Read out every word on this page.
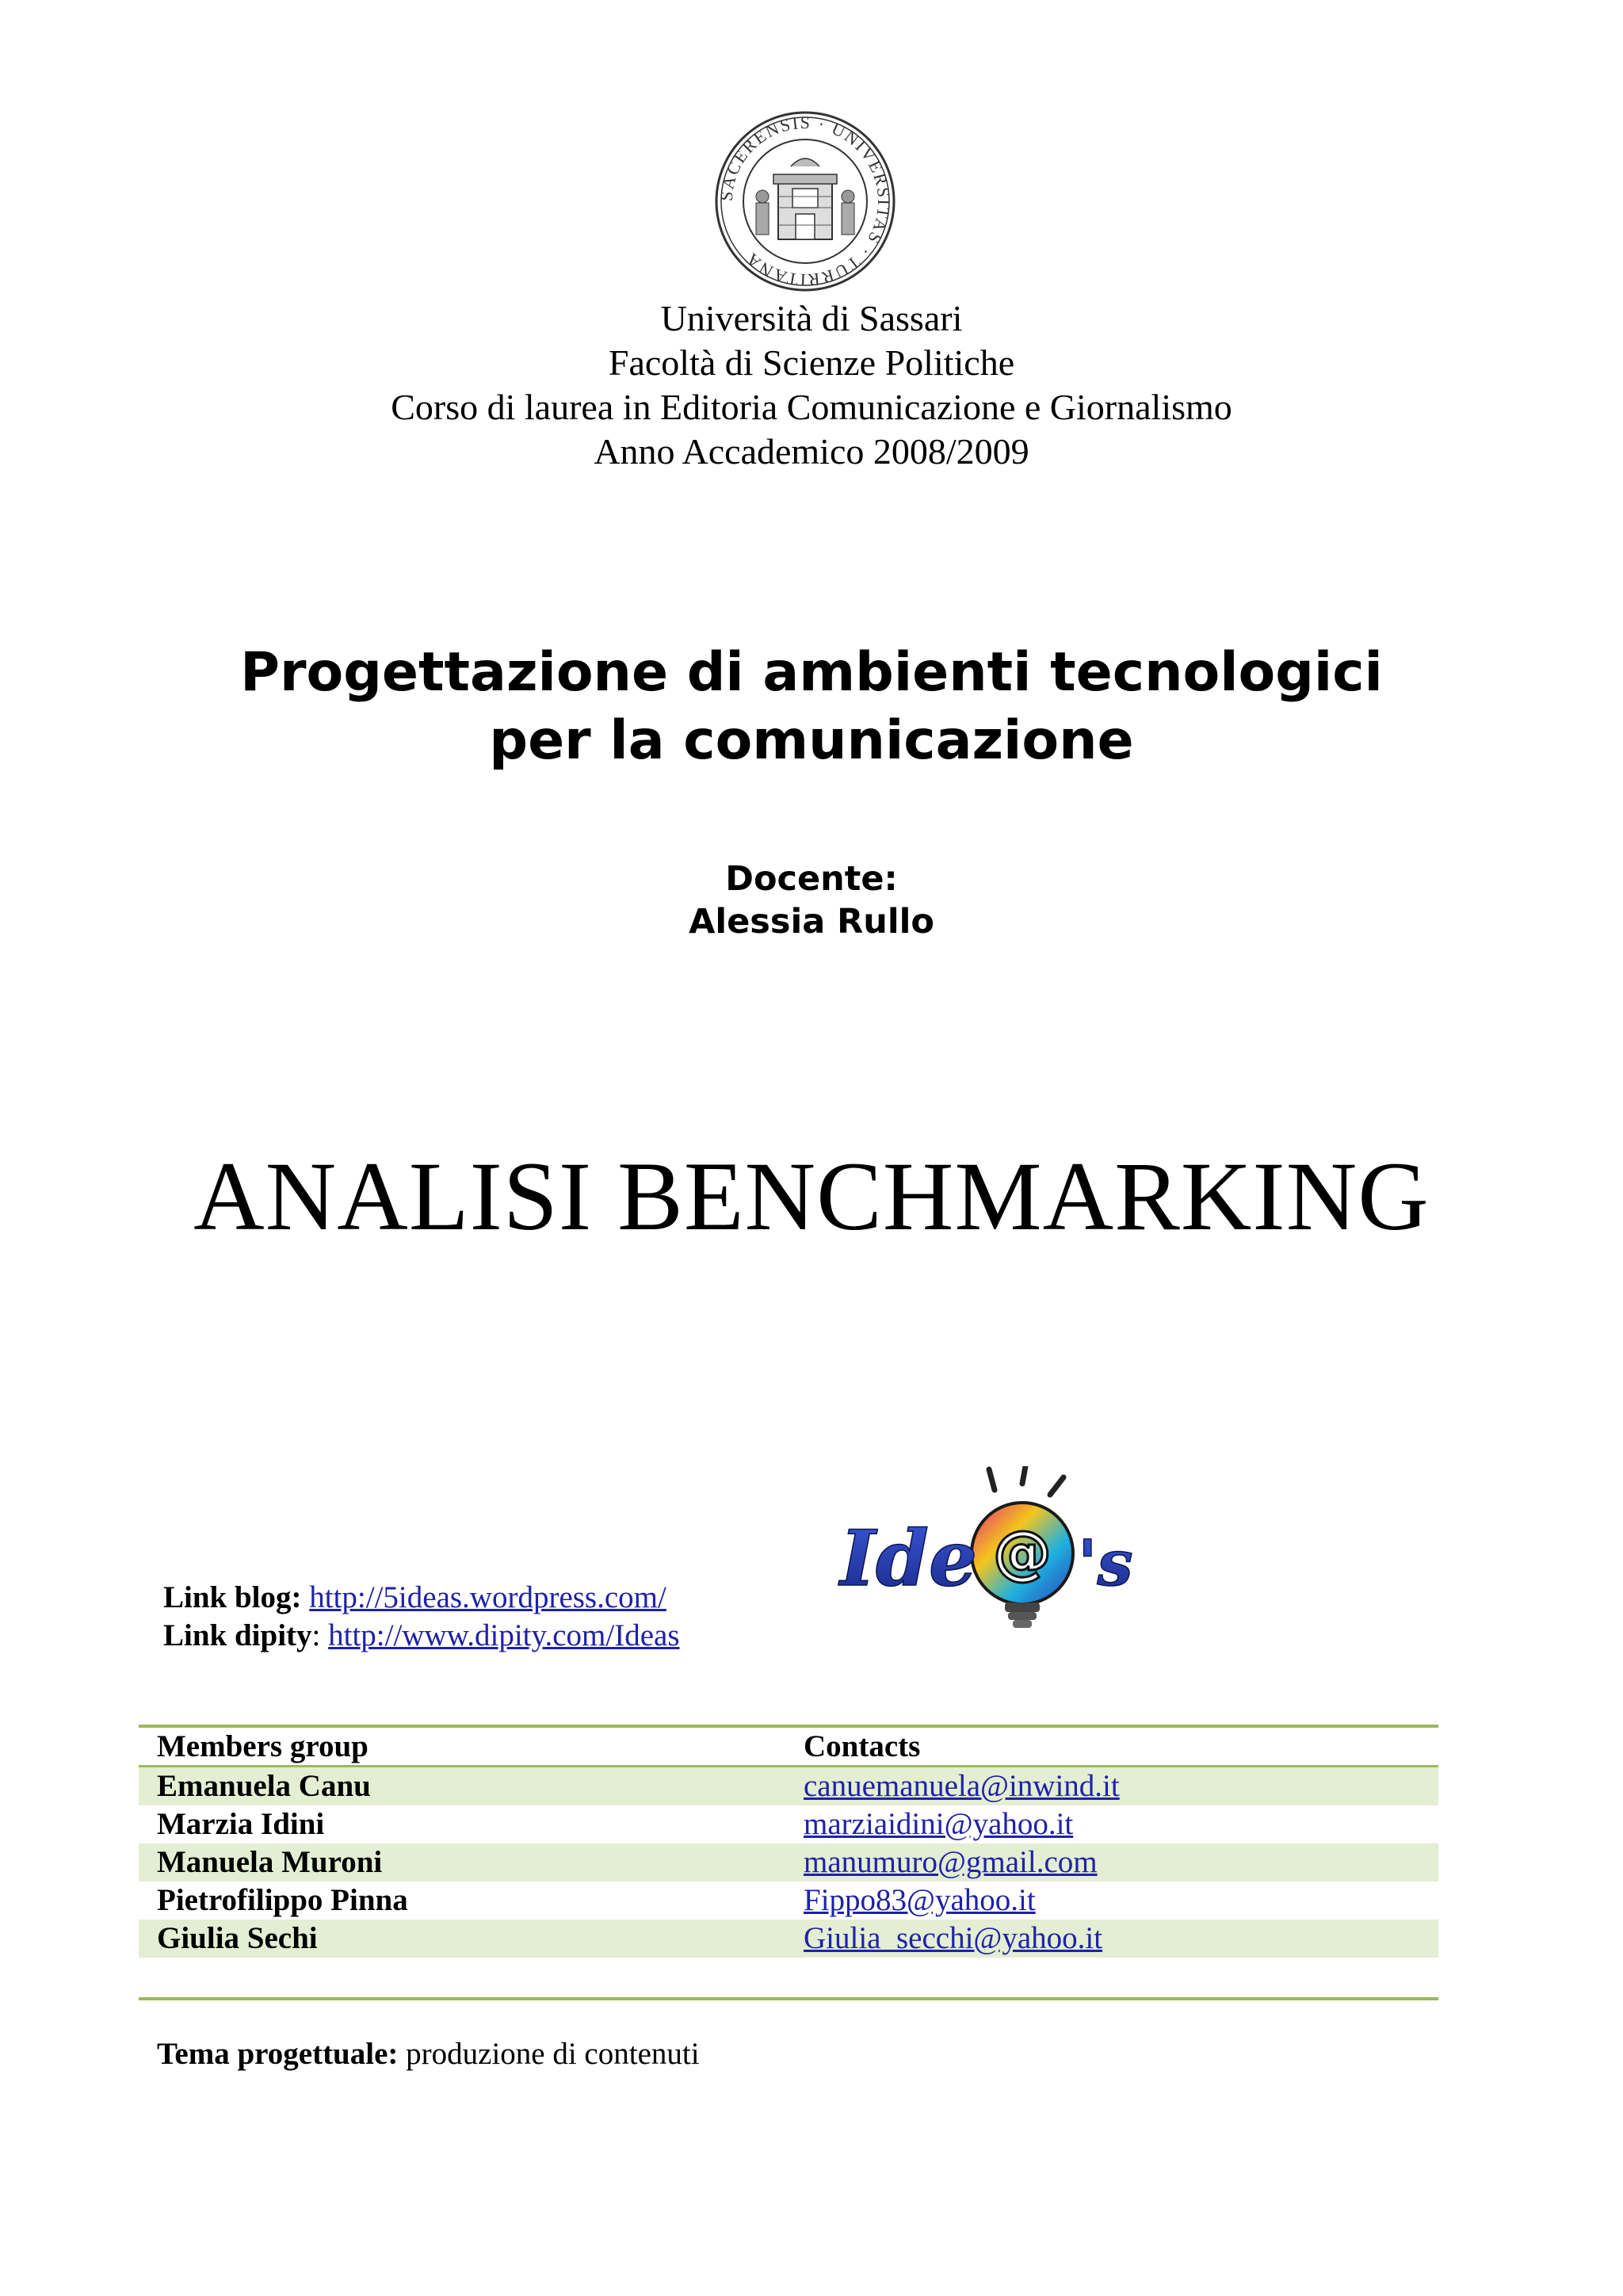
SACERENSIS · UNIVERSITAS · TURRITANA
Università di Sassari
Facoltà di Scienze Politiche
Corso di laurea in Editoria Comunicazione e Giornalismo
Anno Accademico 2008/2009
Progettazione di ambienti tecnologici
per la comunicazione
Docente:
Alessia Rullo
ANALISI BENCHMARKING
@
Ide 's
Link blog: http://5ideas.wordpress.com/
Link dipity: http://www.dipity.com/Ideas
Members group	Contacts
Emanuela Canu	canuemanuela@inwind.it
Marzia Idini	marziaidini@yahoo.it
Manuela Muroni	manumuro@gmail.com
Pietrofilippo Pinna	Fippo83@yahoo.it
Giulia Sechi	Giulia_secchi@yahoo.it
Tema progettuale: produzione di contenuti
